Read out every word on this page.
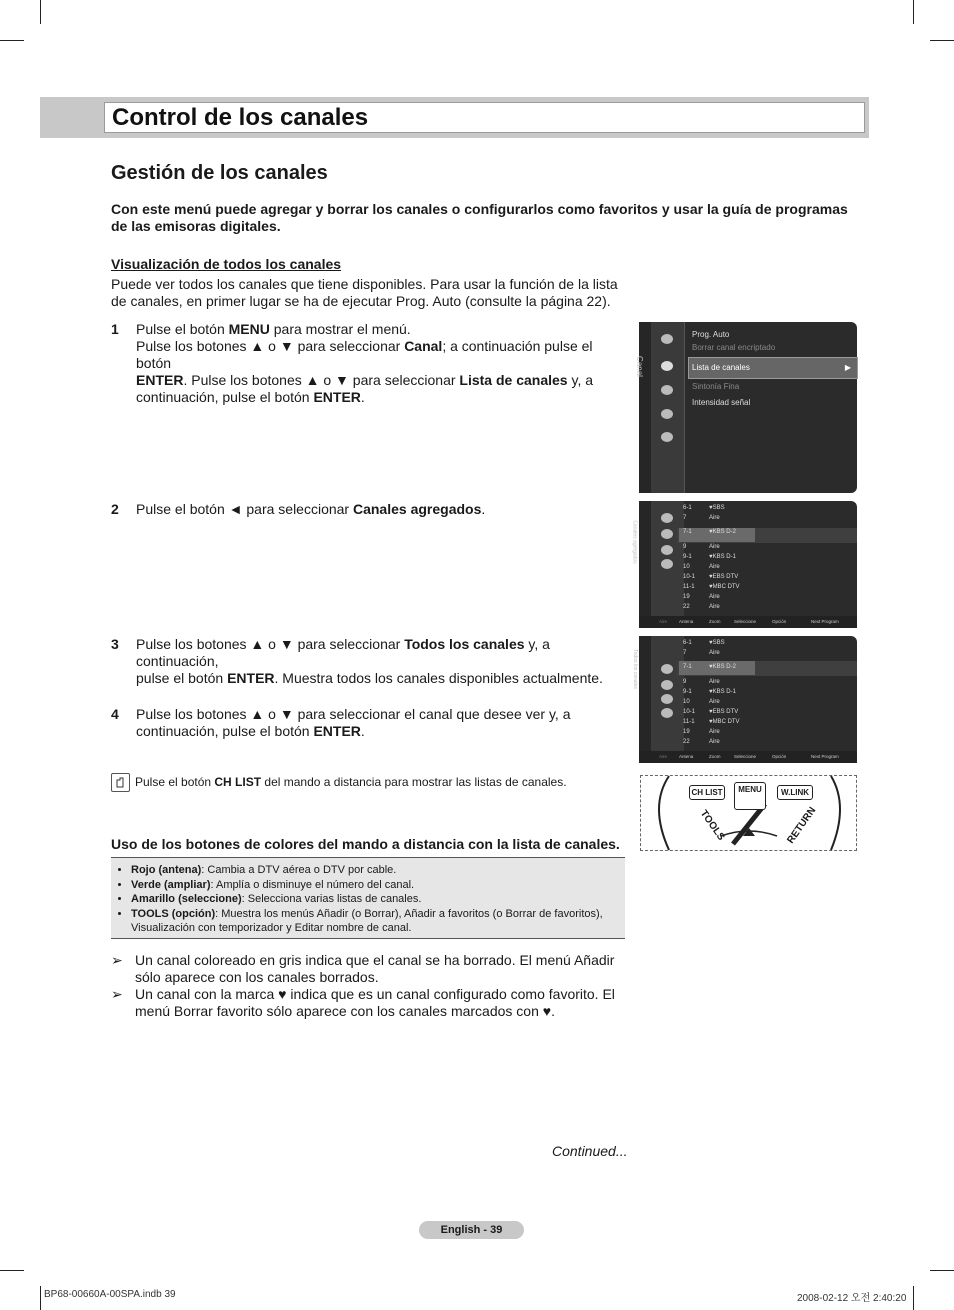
Control de los canales
Gestión de los canales
Con este menú puede agregar y borrar los canales o configurarlos como favoritos y usar la guía de programas de las emisoras digitales.
Visualización de todos los canales
Puede ver todos los canales que tiene disponibles. Para usar la función de la lista de canales, en primer lugar se ha de ejecutar Prog. Auto (consulte la página 22).
1 Pulse el botón MENU para mostrar el menú.
Pulse los botones ▲ o ▼ para seleccionar Canal; a continuación pulse el botón
ENTER. Pulse los botones ▲ o ▼ para seleccionar Lista de canales y, a
continuación, pulse el botón ENTER.
2 Pulse el botón ◄ para seleccionar Canales agregados.
3 Pulse los botones ▲ o ▼ para seleccionar Todos los canales y, a continuación,
pulse el botón ENTER. Muestra todos los canales disponibles actualmente.
4 Pulse los botones ▲ o ▼ para seleccionar el canal que desee ver y, a
continuación, pulse el botón ENTER.
Pulse el botón CH LIST del mando a distancia para mostrar las listas de canales.
Canal
Prog. Auto
Borrar canal encriptado
Lista de canales	▶
Sintonía Fina
Intensidad señal
Canales agregados
6-1	♥SBS
7	Aire
7-1	♥KBS D-2
9	Aire
9-1	♥KBS D-1
10	Aire
10-1 ♥EBS DTV
11-1 ♥MBC DTV
19	Aire
22	Aire
Aire	Antena	Zoom	Seleccione	Opción	Next Program
Todos los canales
6-1	♥SBS
7	Aire
7-1	♥KBS D-2
9	Aire
9-1	♥KBS D-1
10	Aire
10-1 ♥EBS DTV
11-1 ♥MBC DTV
19	Aire
22	Aire
Aire	Antena	Zoom	Seleccione	Opción	Next Program
CH LIST	MENU	W.LINK
TOOLS	RETURN
Uso de los botones de colores del mando a distancia con la lista de canales.
• Rojo (antena): Cambia a DTV aérea o DTV por cable.
• Verde (ampliar): Amplía o disminuye el número del canal.
• Amarillo (seleccione): Selecciona varias listas de canales.
• TOOLS (opción): Muestra los menús Añadir (o Borrar), Añadir a favoritos (o Borrar de favoritos), Visualización con temporizador y Editar nombre de canal.
➢ Un canal coloreado en gris indica que el canal se ha borrado. El menú Añadir sólo aparece con los canales borrados.
➢ Un canal con la marca ♥ indica que es un canal configurado como favorito. El menú Borrar favorito sólo aparece con los canales marcados con ♥.
Continued...
English - 39
BP68-00660A-00SPA.indb 39	2008-02-12 오전 2:40:20
